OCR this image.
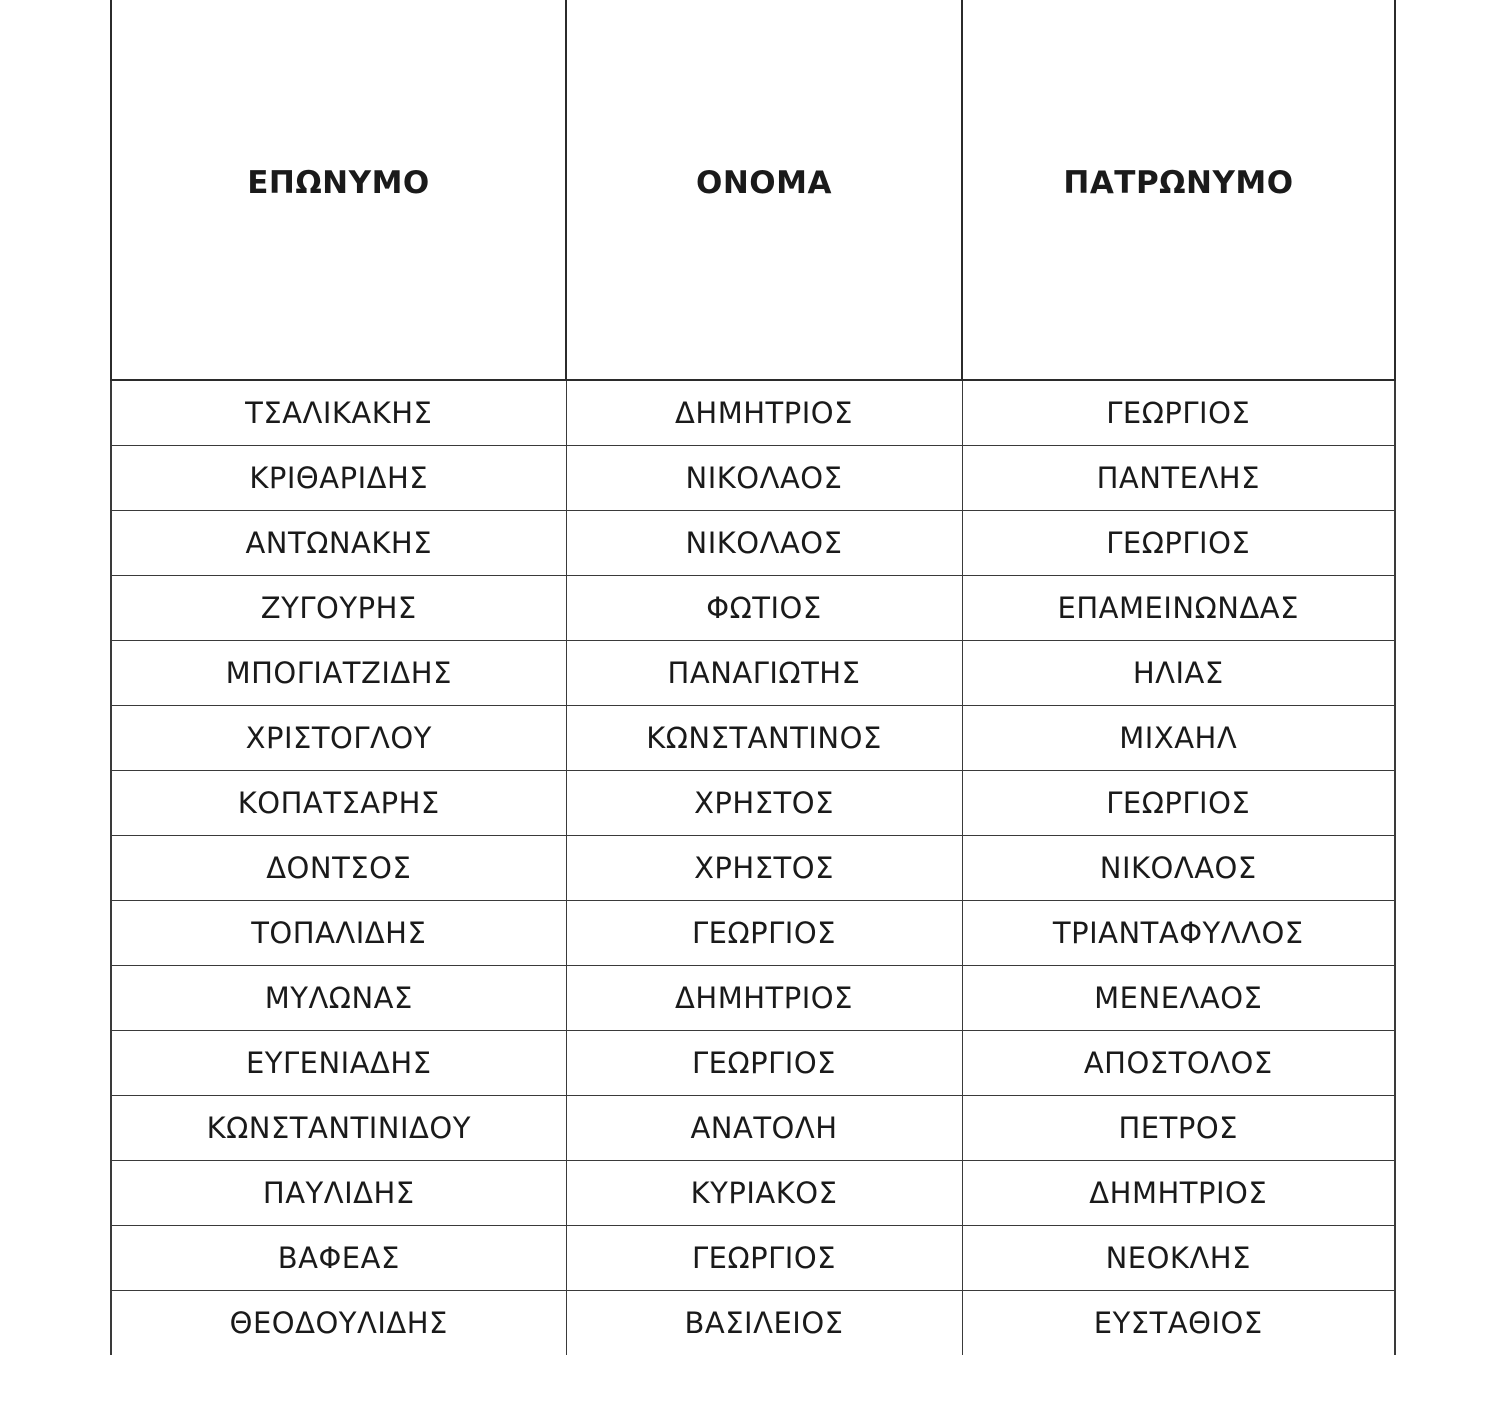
ΕΠΩΝΥΜΟ	ΟΝΟΜΑ	ΠΑΤΡΩΝΥΜΟ
ΤΣΑΛΙΚΑΚΗΣ	ΔΗΜΗΤΡΙΟΣ	ΓΕΩΡΓΙΟΣ
ΚΡΙΘΑΡΙΔΗΣ	ΝΙΚΟΛΑΟΣ	ΠΑΝΤΕΛΗΣ
ΑΝΤΩΝΑΚΗΣ	ΝΙΚΟΛΑΟΣ	ΓΕΩΡΓΙΟΣ
ΖΥΓΟΥΡΗΣ	ΦΩΤΙΟΣ	ΕΠΑΜΕΙΝΩΝΔΑΣ
ΜΠΟΓΙΑΤΖΙΔΗΣ	ΠΑΝΑΓΙΩΤΗΣ	ΗΛΙΑΣ
ΧΡΙΣΤΟΓΛΟΥ	ΚΩΝΣΤΑΝΤΙΝΟΣ	ΜΙΧΑΗΛ
ΚΟΠΑΤΣΑΡΗΣ	ΧΡΗΣΤΟΣ	ΓΕΩΡΓΙΟΣ
ΔΟΝΤΣΟΣ	ΧΡΗΣΤΟΣ	ΝΙΚΟΛΑΟΣ
ΤΟΠΑΛΙΔΗΣ	ΓΕΩΡΓΙΟΣ	ΤΡΙΑΝΤΑΦΥΛΛΟΣ
ΜΥΛΩΝΑΣ	ΔΗΜΗΤΡΙΟΣ	ΜΕΝΕΛΑΟΣ
ΕΥΓΕΝΙΑΔΗΣ	ΓΕΩΡΓΙΟΣ	ΑΠΟΣΤΟΛΟΣ
ΚΩΝΣΤΑΝΤΙΝΙΔΟΥ	ΑΝΑΤΟΛΗ	ΠΕΤΡΟΣ
ΠΑΥΛΙΔΗΣ	ΚΥΡΙΑΚΟΣ	ΔΗΜΗΤΡΙΟΣ
ΒΑΦΕΑΣ	ΓΕΩΡΓΙΟΣ	ΝΕΟΚΛΗΣ
ΘΕΟΔΟΥΛΙΔΗΣ	ΒΑΣΙΛΕΙΟΣ	ΕΥΣΤΑΘΙΟΣ
